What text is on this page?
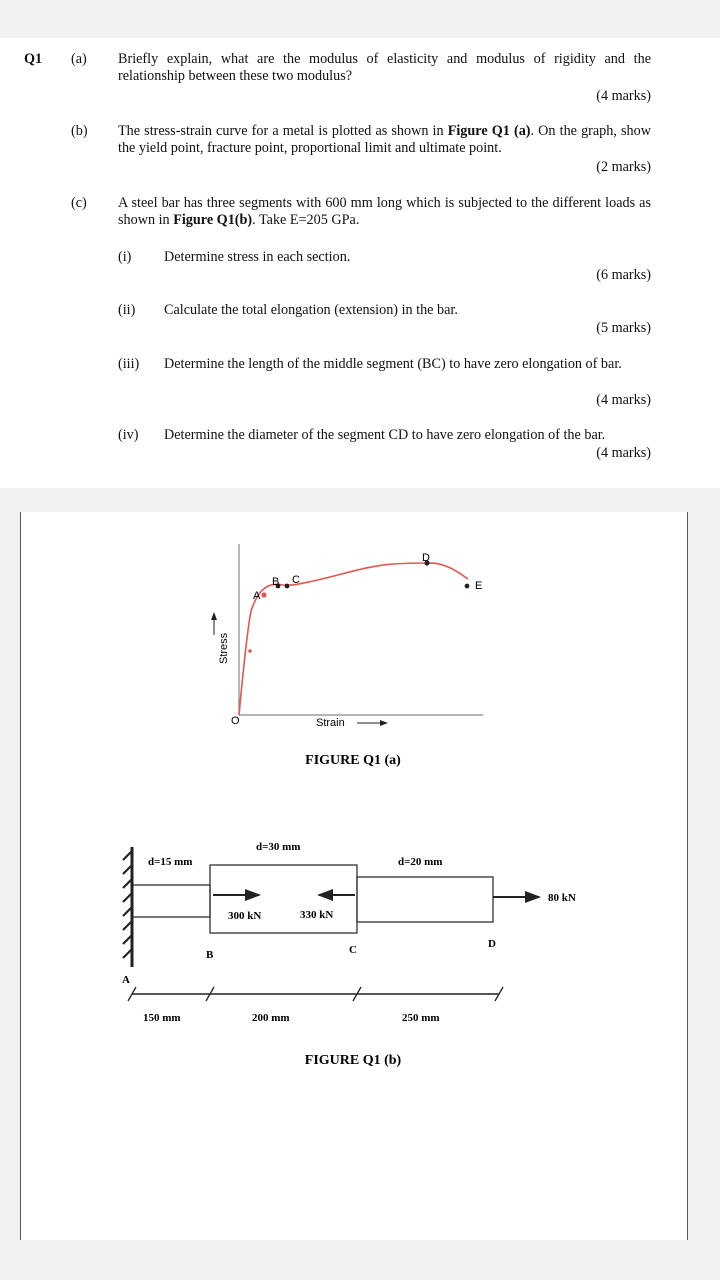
Q1 (a) Briefly explain, what are the modulus of elasticity and modulus of rigidity and the relationship between these two modulus?
(4 marks)
(b) The stress-strain curve for a metal is plotted as shown in Figure Q1 (a). On the graph, show the yield point, fracture point, proportional limit and ultimate point.
(2 marks)
(c) A steel bar has three segments with 600 mm long which is subjected to the different loads as shown in Figure Q1(b). Take E=205 GPa.
(i) Determine stress in each section.
(6 marks)
(ii) Calculate the total elongation (extension) in the bar.
(5 marks)
(iii) Determine the length of the middle segment (BC) to have zero elongation of bar.
(4 marks)
(iv) Determine the diameter of the segment CD to have zero elongation of the bar.
(4 marks)
O
A
B C
D
E
Stress
Strain
FIGURE Q1 (a)
d=15 mm
d=30 mm
d=20 mm
300 kN	330 kN
80 kN
A
B	C	D
150 mm	200 mm	250 mm
FIGURE Q1 (b)
